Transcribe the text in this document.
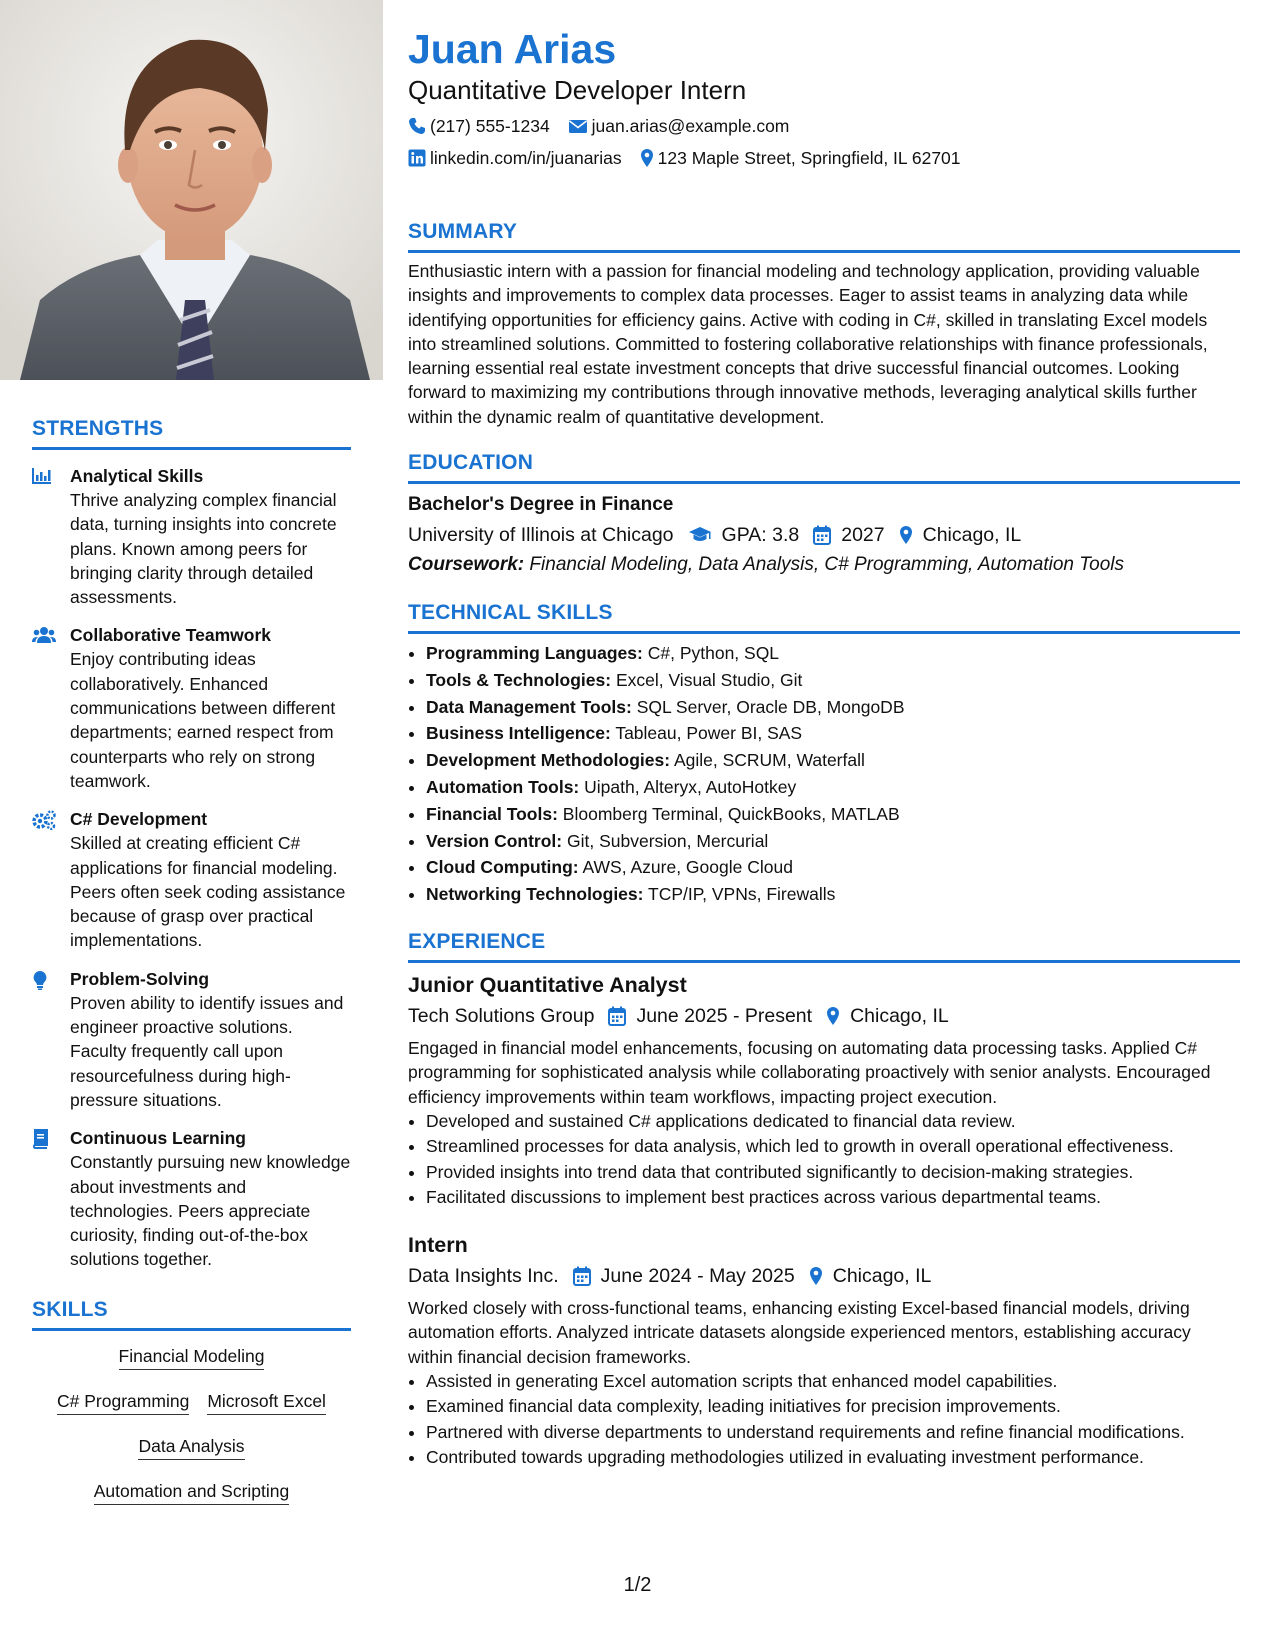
STRENGTHS
Analytical Skills
Thrive analyzing complex financial data, turning insights into concrete plans. Known among peers for bringing clarity through detailed assessments.
Collaborative Teamwork
Enjoy contributing ideas collaboratively. Enhanced communications between different departments; earned respect from counterparts who rely on strong teamwork.
C# Development
Skilled at creating efficient C# applications for financial modeling. Peers often seek coding assistance because of grasp over practical implementations.
Problem-Solving
Proven ability to identify issues and engineer proactive solutions. Faculty frequently call upon resourcefulness during high-pressure situations.
Continuous Learning
Constantly pursuing new knowledge about investments and technologies. Peers appreciate curiosity, finding out-of-the-box solutions together.
SKILLS
Financial Modeling
C# Programming Microsoft Excel
Data Analysis
Automation and Scripting
Juan Arias
Quantitative Developer Intern
(217) 555-1234 juan.arias@example.com
linkedin.com/in/juanarias 123 Maple Street, Springfield, IL 62701
SUMMARY
Enthusiastic intern with a passion for financial modeling and technology application, providing valuable insights and improvements to complex data processes. Eager to assist teams in analyzing data while identifying opportunities for efficiency gains. Active with coding in C#, skilled in translating Excel models into streamlined solutions. Committed to fostering collaborative relationships with finance professionals, learning essential real estate investment concepts that drive successful financial outcomes. Looking forward to maximizing my contributions through innovative methods, leveraging analytical skills further within the dynamic realm of quantitative development.
EDUCATION
Bachelor's Degree in Finance
University of Illinois at Chicago GPA: 3.8 2027 Chicago, IL
Coursework: Financial Modeling, Data Analysis, C# Programming, Automation Tools
TECHNICAL SKILLS
• Programming Languages: C#, Python, SQL
• Tools & Technologies: Excel, Visual Studio, Git
• Data Management Tools: SQL Server, Oracle DB, MongoDB
• Business Intelligence: Tableau, Power BI, SAS
• Development Methodologies: Agile, SCRUM, Waterfall
• Automation Tools: Uipath, Alteryx, AutoHotkey
• Financial Tools: Bloomberg Terminal, QuickBooks, MATLAB
• Version Control: Git, Subversion, Mercurial
• Cloud Computing: AWS, Azure, Google Cloud
• Networking Technologies: TCP/IP, VPNs, Firewalls
EXPERIENCE
Junior Quantitative Analyst
Tech Solutions Group June 2025 - Present Chicago, IL
Engaged in financial model enhancements, focusing on automating data processing tasks. Applied C# programming for sophisticated analysis while collaborating proactively with senior analysts. Encouraged efficiency improvements within team workflows, impacting project execution.
• Developed and sustained C# applications dedicated to financial data review.
• Streamlined processes for data analysis, which led to growth in overall operational effectiveness.
• Provided insights into trend data that contributed significantly to decision-making strategies.
• Facilitated discussions to implement best practices across various departmental teams.
Intern
Data Insights Inc. June 2024 - May 2025 Chicago, IL
Worked closely with cross-functional teams, enhancing existing Excel-based financial models, driving automation efforts. Analyzed intricate datasets alongside experienced mentors, establishing accuracy within financial decision frameworks.
• Assisted in generating Excel automation scripts that enhanced model capabilities.
• Examined financial data complexity, leading initiatives for precision improvements.
• Partnered with diverse departments to understand requirements and refine financial modifications.
• Contributed towards upgrading methodologies utilized in evaluating investment performance.
1/2
